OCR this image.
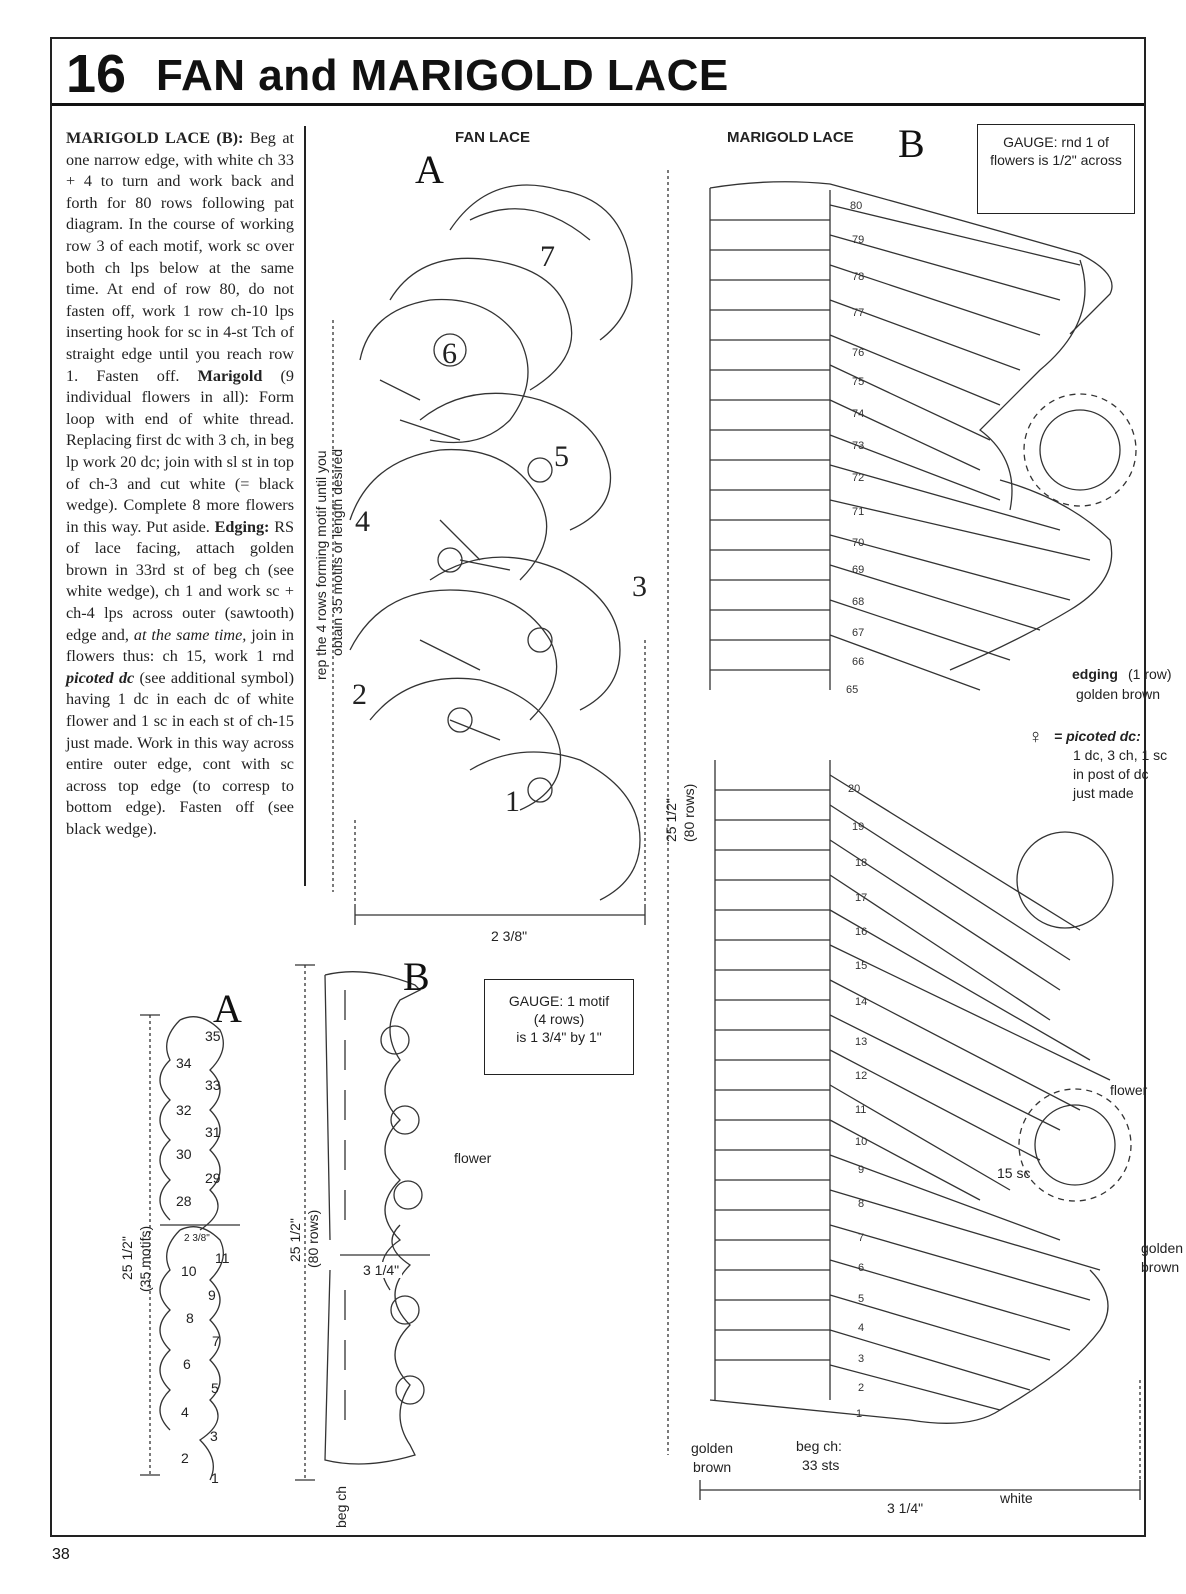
16 FAN and MARIGOLD LACE
MARIGOLD LACE (B): Beg at one narrow edge, with white ch 33 + 4 to turn and work back and forth for 80 rows following pat diagram. In the course of working row 3 of each motif, work sc over both ch lps below at the same time. At end of row 80, do not fasten off, work 1 row ch-10 lps inserting hook for sc in 4-st Tch of straight edge until you reach row 1. Fasten off. Marigold (9 individual flowers in all): Form loop with end of white thread. Replacing first dc with 3 ch, in beg lp work 20 dc; join with sl st in top of ch-3 and cut white (= black wedge). Complete 8 more flowers in this way. Put aside. Edging: RS of lace facing, attach golden brown in 33rd st of beg ch (see white wedge), ch 1 and work sc + ch-4 lps across outer (sawtooth) edge and, at the same time, join in flowers thus: ch 15, work 1 rnd picoted dc (see additional symbol) having 1 dc in each dc of white flower and 1 sc in each st of ch-15 just made. Work in this way across entire outer edge, cont with sc across top edge (to corresp to bottom edge). Fasten off (see black wedge).
FAN LACE
A
7
6
5
4
3
2
1
rep the 4 rows forming motif until you obtain 35 motifs or length desired
2 3/8"
MARIGOLD LACE B	GAUGE: rnd 1 of flowers is 1/2" across
80
79
78
77
76
75
74
73
72
71
70
69
68
67
66
65
20
19
18
17
16
15
14
13
12
11
10
9
8
7
6
5
4
3
2
1
25 1/2" (80 rows)
edging (1 row)
golden brown
♀ = picoted dc:
1 dc, 3 ch, 1 sc
in post of dc
just made
flower
15 sc
golden
brown
golden
brown
beg ch:
33 sts
white
3 1/4"
A
35
34
33
32
31
30
29
28
11
10
9
8
7
6
5
4
3
2
1
2 3/8"
25 1/2" (35 motifs)
B
GAUGE: 1 motif
(4 rows)
is 1 3/4" by 1"
flower
3 1/4"
25 1/2" (80 rows)
beg ch
38
